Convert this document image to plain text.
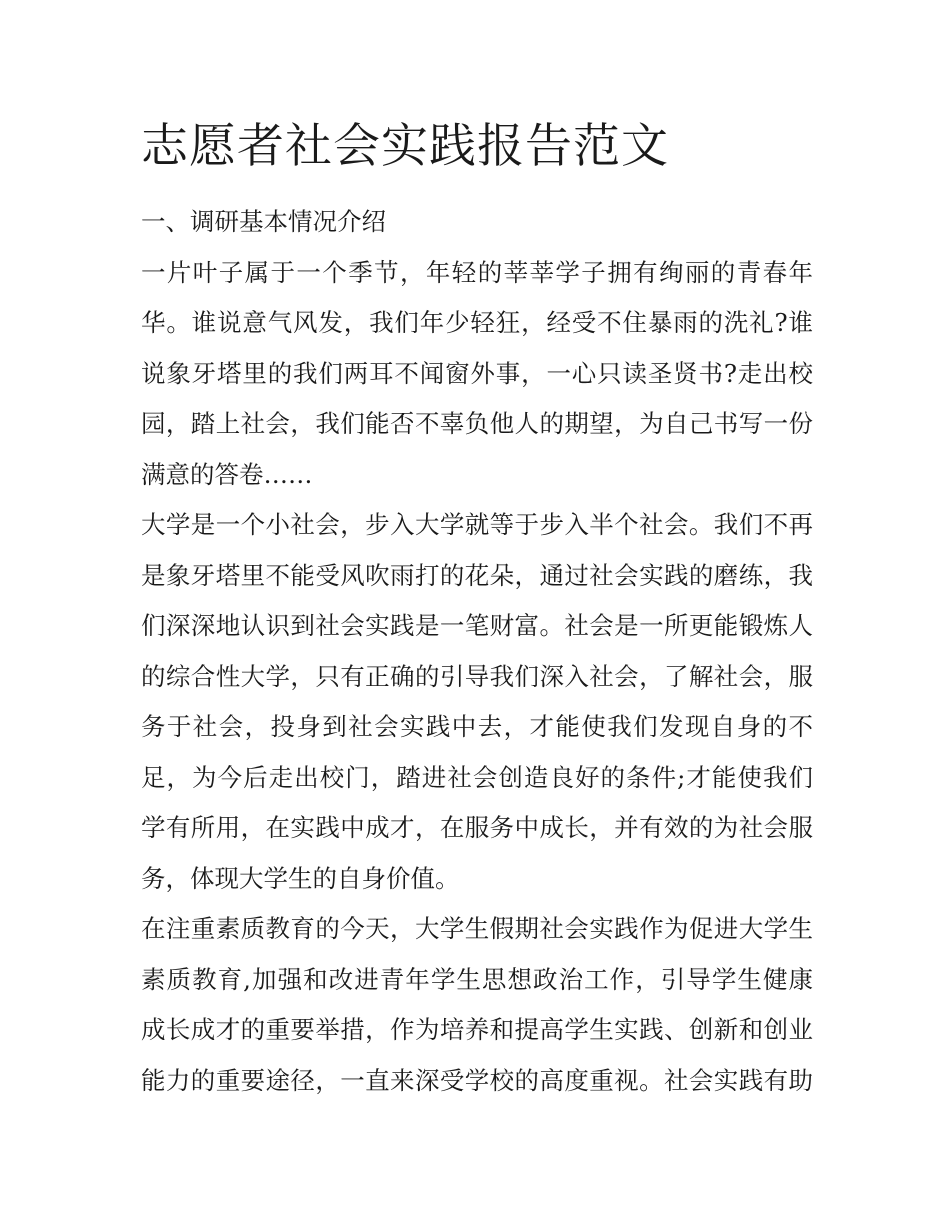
志愿者社会实践报告范文
一、调研基本情况介绍
一片叶子属于一个季节，年轻的莘莘学子拥有绚丽的青春年
华。谁说意气风发，我们年少轻狂，经受不住暴雨的洗礼?谁
说象牙塔里的我们两耳不闻窗外事，一心只读圣贤书?走出校
园，踏上社会，我们能否不辜负他人的期望，为自己书写一份
满意的答卷……
大学是一个小社会，步入大学就等于步入半个社会。我们不再
是象牙塔里不能受风吹雨打的花朵，通过社会实践的磨练，我
们深深地认识到社会实践是一笔财富。社会是一所更能锻炼人
的综合性大学，只有正确的引导我们深入社会，了解社会，服
务于社会，投身到社会实践中去，才能使我们发现自身的不
足，为今后走出校门，踏进社会创造良好的条件;才能使我们
学有所用，在实践中成才，在服务中成长，并有效的为社会服
务，体现大学生的自身价值。
在注重素质教育的今天，大学生假期社会实践作为促进大学生
素质教育,加强和改进青年学生思想政治工作，引导学生健康
成长成才的重要举措，作为培养和提高学生实践、创新和创业
能力的重要途径，一直来深受学校的高度重视。社会实践有助
